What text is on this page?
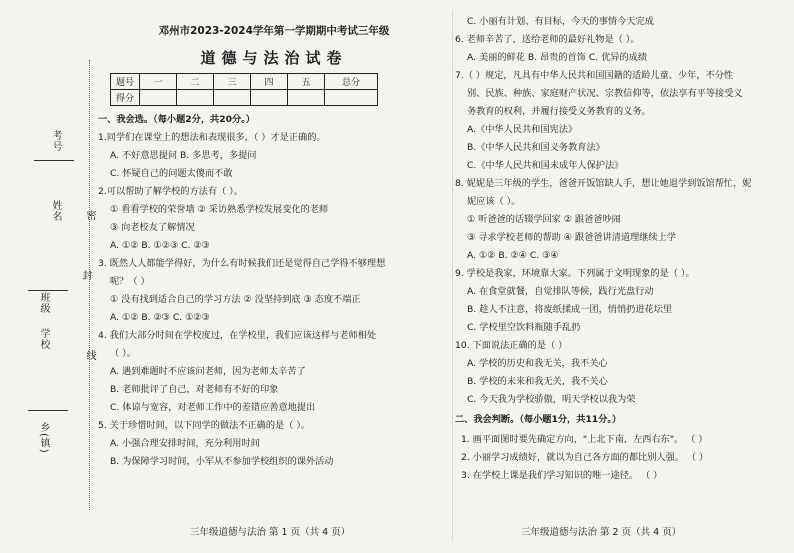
考号
姓名 密
封
班级
学校
线
乡(镇)
邓州市2023-2024学年第一学期期中考试三年级
道德与法治试卷
题号	一	二	三	四	五	总分
得分						
一、我会选。（每小题2分，共20分。）
1.同学们在课堂上的想法和表现很多，（ ）才是正确的。
A. 不好意思提问 B. 多思考，多提问
C. 怀疑自己的问题太傻而不敢
2.可以帮助了解学校的方法有（ ）。
① 看看学校的荣誉墙 ② 采访熟悉学校发展变化的老师
③ 向老校友了解情况
A. ①② B. ①②③ C. ②③
3. 既然人人都能学得好，为什么有时候我们还是觉得自己学得不够理想
呢？（ ）
① 没有找到适合自己的学习方法 ② 没坚持到底 ③ 态度不端正
A. ①② B. ②③ C. ①②③
4. 我们大部分时间在学校度过，在学校里，我们应该这样与老师相处
（ ）。
A. 遇到难题时不应该问老师，因为老师太辛苦了
B. 老师批评了自己，对老师有不好的印象
C. 体谅与宽容，对老师工作中的差错应善意地提出
5. 关于珍惜时间，以下同学的做法不正确的是（ ）。
A. 小强合理安排时间，充分利用时间
B. 为保障学习时间，小军从不参加学校组织的课外活动
三年级道德与法治 第 1 页（共 4 页）
C. 小丽有计划、有目标，今天的事情今天完成
6. 老师辛苦了，送给老师的最好礼物是（ ）。
A. 美丽的鲜花 B. 昂贵的首饰 C. 优异的成绩
7.（ ）规定，凡具有中华人民共和国国籍的适龄儿童、少年，不分性
别、民族、种族、家庭财产状况、宗教信仰等，依法享有平等接受义
务教育的权利，并履行接受义务教育的义务。
A.《中华人民共和国宪法》
B.《中华人民共和国义务教育法》
C.《中华人民共和国未成年人保护法》
8. 妮妮是三年级的学生，爸爸开饭馆缺人手，想让她退学到饭馆帮忙，妮
妮应该（ ）。
① 听爸爸的话辍学回家 ② 跟爸爸吵闹
③ 寻求学校老师的帮助 ④ 跟爸爸讲清道理继续上学
A. ①② B. ②④ C. ③④
9. 学校是我家，环境靠大家。下列属于文明现象的是（ ）。
A. 在食堂就餐，自觉排队等候，践行光盘行动
B. 趁人不注意，将废纸揉成一团，悄悄扔进花坛里
C. 学校里空饮料瓶随手乱扔
10. 下面说法正确的是（ ）
A. 学校的历史和我无关，我不关心
B. 学校的未来和我无关，我不关心
C. 今天我为学校骄傲，明天学校以我为荣
二、我会判断。（每小题1分，共11分。）
1. 画平面图时要先确定方向，"上北下南，左西右东"。 （ ）
2. 小丽学习成绩好，就以为自己各方面的都比别人强。 （ ）
3. 在学校上课是我们学习知识的唯一途径。 （ ）
三年级道德与法治 第 2 页（共 4 页）
